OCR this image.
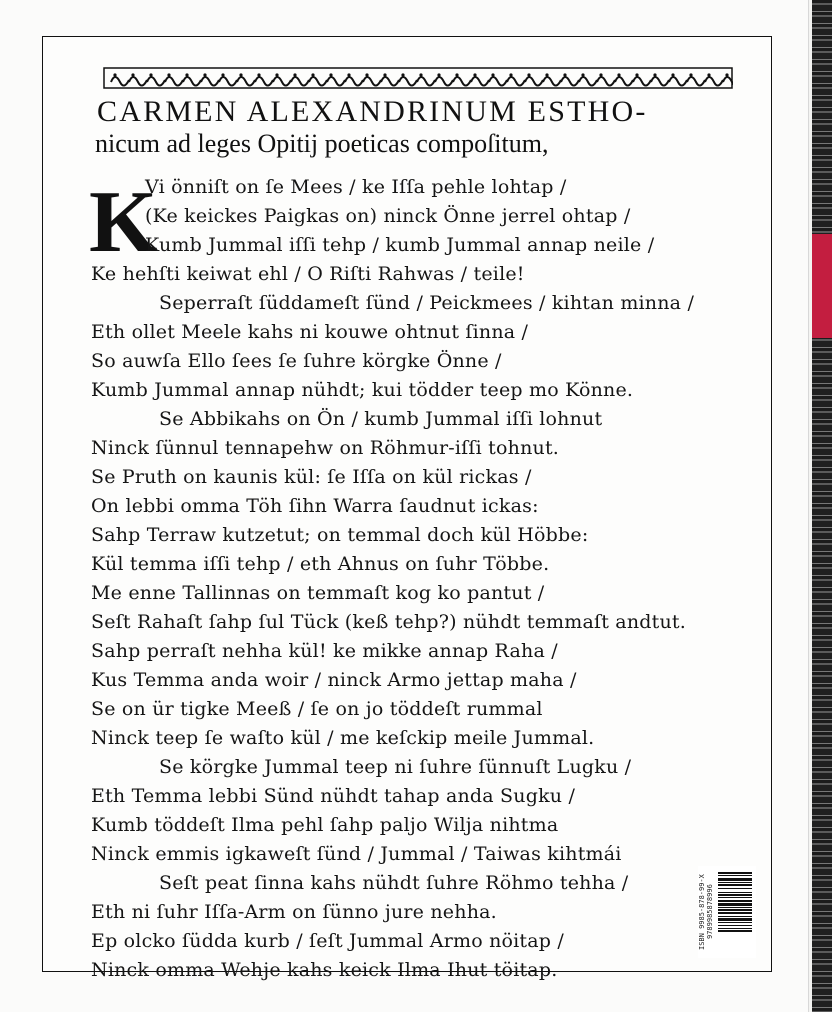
CARMEN ALEXANDRINUM ESTHO-
nicum ad leges Opitij poeticas compoſitum,
K
Vi önniſt on ſe Mees / ke Iſſa pehle lohtap /
(Ke keickes Paigkas on) ninck Önne jerrel ohtap /
Kumb Jummal iſſi tehp / kumb Jummal annap neile /
Ke hehſti keiwat ehl / O Riſti Rahwas / teile!
Seperraſt ſüddameſt ſünd / Peickmees / kihtan minna /
Eth ollet Meele kahs ni kouwe ohtnut ſinna /
So auwſa Ello ſees ſe ſuhre körgke Önne /
Kumb Jummal annap nühdt; kui tödder teep mo Könne.
Se Abbikahs on Ön / kumb Jummal iſſi lohnut
Ninck ſünnul tennapehw on Röhmur-iſſi tohnut.
Se Pruth on kaunis kül: ſe Iſſa on kül rickas /
On lebbi omma Töh ſihn Warra ſaudnut ickas:
Sahp Terraw kutzetut; on temmal doch kül Höbbe:
Kül temma iſſi tehp / eth Ahnus on ſuhr Többe.
Me enne Tallinnas on temmaſt kog ko pantut /
Seſt Rahaſt ſahp ſul Tück (keß tehp?) nühdt temmaſt andtut.
Sahp perraſt nehha kül! ke mikke annap Raha /
Kus Temma anda woir / ninck Armo jettap maha /
Se on ür tigke Meeß / ſe on jo töddeſt rummal
Ninck teep ſe waſto kül / me keſckip meile Jummal.
Se körgke Jummal teep ni ſuhre ſünnuſt Lugku /
Eth Temma lebbi Sünd nühdt tahap anda Sugku /
Kumb töddeſt Ilma pehl ſahp paljo Wilja nihtma
Ninck emmis igkaweſt ſünd / Jummal / Taiwas kihtmái
Seſt peat ſinna kahs nühdt ſuhre Röhmo tehha /
Eth ni ſuhr Iſſa-Arm on ſünno jure nehha.
Ep olcko ſüdda kurb / ſeſt Jummal Armo nöitap /
Ninck omma Wehje kahs keick Ilma Ihut töitap.
ISBN 9985-878-99-X 9789985878996
